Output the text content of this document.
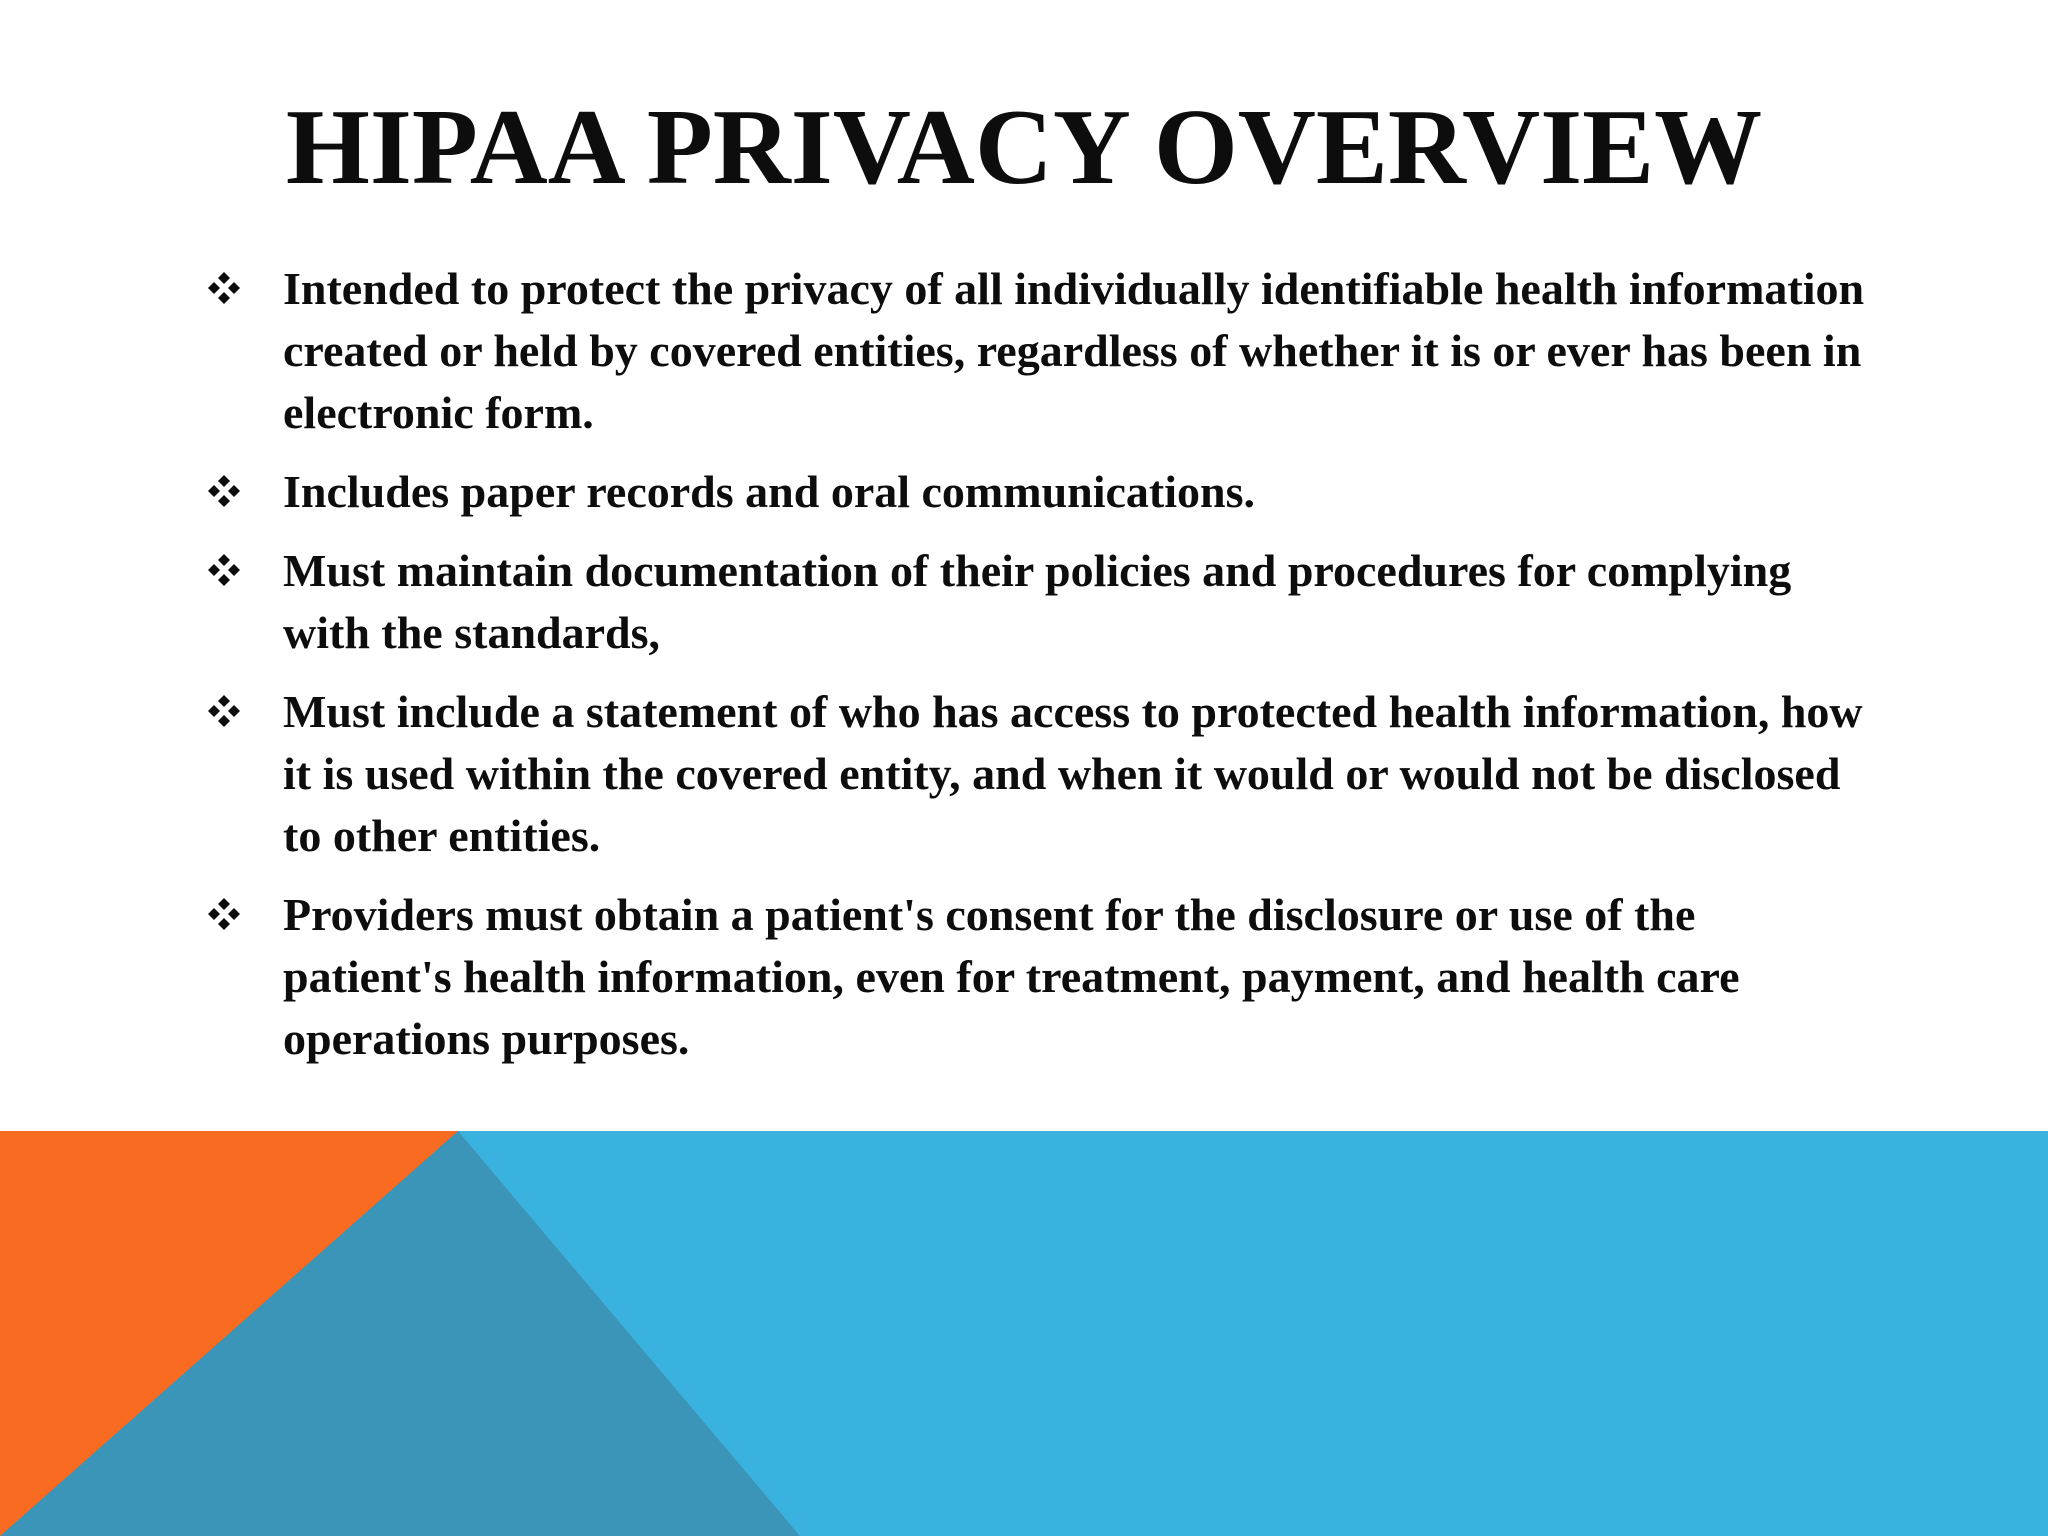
HIPAA PRIVACY OVERVIEW
Intended to protect the privacy of all individually identifiable health information created or held by covered entities, regardless of whether it is or ever has been in electronic form.
Includes paper records and oral communications.
Must maintain documentation of their policies and procedures for complying with the standards,
Must include a statement of who has access to protected health information, how it is used within the covered entity, and when it would or would not be disclosed to other entities.
Providers must obtain a patient's consent for the disclosure or use of the patient's health information, even for treatment, payment, and health care operations purposes.
